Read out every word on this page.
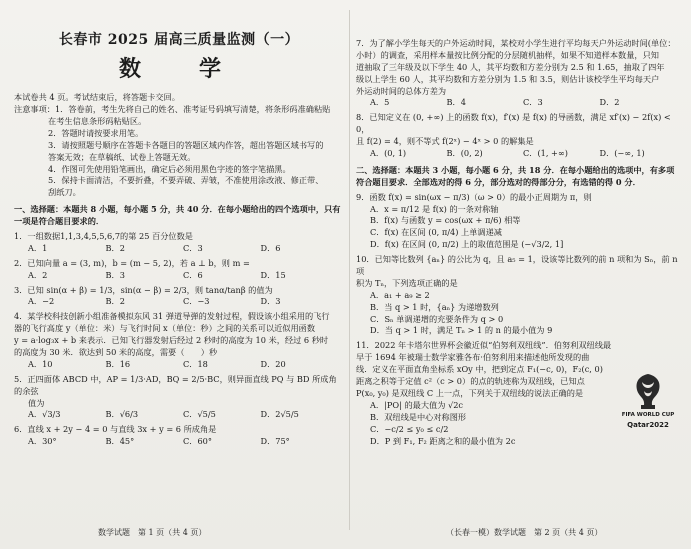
长春市 2025 届高三质量监测（一）
数　学

本试卷共 4 页。考试结束后，将答题卡交回。

注意事项：1．答卷前，考生先将自己的姓名、准考证号码填写清楚，将条形码准确粘贴

在考生信息条形码粘贴区。

2．答题时请按要求用笔。

3．请按照题号顺序在答题卡各题目的答题区域内作答，超出答题区域书写的

答案无效；在草稿纸、试卷上答题无效。

4．作图可先使用铅笔画出，确定后必须用黑色字迹的签字笔描黑。

5．保持卡面清洁，不要折叠，不要弄破、弄皱，不准使用涂改液、修正带、

刮纸刀。

一、选择题：本题共 8 小题，每小题 5 分，共 40 分．在每小题给出的四个选项中，只有一项是符合题目要求的．
1．一组数据1,1,3,4,5,5,6,7的第 25 百分位数是
A．1	B．2	C．3	D．6
2．已知向量 a = (3, m)，b = (m − 5, 2)，若 a ⊥ b，则 m =
A．2	B．3	C．6	D．15
3．已知 sin(α + β) = 1/3，sin(α − β) = 2/3，则 tanα/tanβ 的值为
A．−2	B．2	C．−3	D．3
4．某学校科技创新小组准备模拟东风 31 弹道导弹的发射过程，假设该小组采用的飞行
器的飞行高度 y（单位：米）与飞行时间 x（单位：秒）之间的关系可以近似用函数
y = a·log₃x + b 来表示．已知飞行器发射后经过 2 秒时的高度为 10 米，经过 6 秒时
的高度为 30 米．欲达到 50 米的高度，需要（　　）秒
A．10	B．16	C．18	D．20
5．正四面体 ABCD 中，AP = 1/3·AD，BQ = 2/5·BC，则异面直线 PQ 与 BD 所成角的余弦
值为
A．√3/3	B．√6/3	C．√5/5	D．2√5/5
6．直线 x + 2y − 4 = 0 与直线 3x + y = 6 所成角是
A．30°	B．45°	C．60°	D．75°
数学试题　第 1 页（共 4 页）
7．为了解小学生每天的户外运动时间，某校对小学生进行平均每天户外运动时间(单位：
小时）的调查，采用样本量按比例分配的分层随机抽样，如果不知道样本数量，只知
道抽取了三年级及以下学生 40 人，其平均数和方差分别为 2.5 和 1.65，抽取了四年
级以上学生 60 人，其平均数和方差分别为 1.5 和 3.5，则估计该校学生平均每天户
外运动时间的总体方差为
A．5	B．4	C．3	D．2
8．已知定义在 (0, +∞) 上的函数 f(x)，f′(x) 是 f(x) 的导函数，满足 xf′(x) − 2f(x) < 0，
且 f(2) = 4，则不等式 f(2ˣ) − 4ˣ > 0 的解集是
A．(0, 1)	B．(0, 2)	C．(1, +∞)	D．(−∞, 1)
二、选择题：本题共 3 小题，每小题 6 分，共 18 分．在每小题给出的选项中，有多项符合题目要求．全部选对的得 6 分，部分选对的得部分分，有选错的得 0 分．
9．函数 f(x) = sin(ωx − π/3)（ω > 0）的最小正周期为 π，则
A．x = π/12 是 f(x) 的一条对称轴
B．f(x) 与函数 y = cos(ωx + π/6) 相等
C．f(x) 在区间 (0, π/4) 上单调递减
D．f(x) 在区间 (0, π/2) 上的取值范围是 (−√3/2, 1]
10．已知等比数列 {aₙ} 的公比为 q，且 a₅ = 1，设该等比数列的前 n 项和为 Sₙ，前 n 项
积为 Tₙ，下列选项正确的是
A．a₁ + a₉ ≥ 2
B．当 q > 1 时，{aₙ} 为递增数列
C．Sₙ 单调递增的充要条件为 q > 0
D．当 q > 1 时，满足 Tₙ > 1 的 n 的最小值为 9
11．2022 年卡塔尔世界杯会徽近似“伯努利双纽线”．伯努利双纽线最
早于 1694 年被瑞士数学家雅各布·伯努利用来描述他所发现的曲
线．定义在平面直角坐标系 xOy 中，把到定点 F₁(−c, 0)，F₂(c, 0)
距离之积等于定值 c²（c > 0）的点的轨迹称为双纽线，已知点
P(x₀, y₀) 是双纽线 C 上一点，下列关于双纽线的说法正确的是
A．|PO| 的最大值为 √2c
B．双纽线是中心对称图形
C．−c/2 ≤ y₀ ≤ c/2
D．P 到 F₁, F₂ 距离之和的最小值为 2c
FIFA WORLD CUP
Qatar2022
（长春一模）数学试题　第 2 页（共 4 页）
